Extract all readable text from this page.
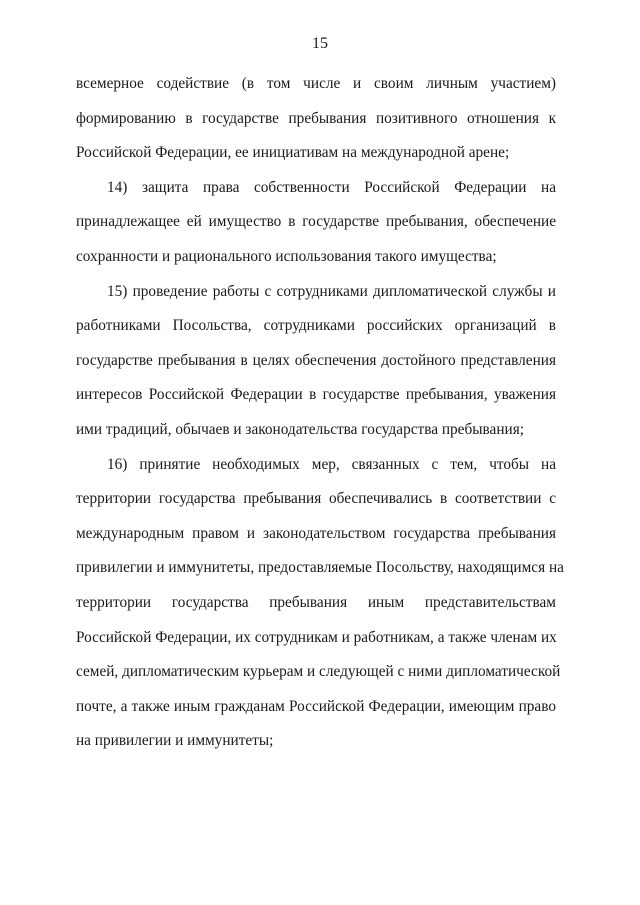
15

всемерное содействие (в том числе и своим личным участием)
формированию в государстве пребывания позитивного отношения к
Российской Федерации, ее инициативам на международной арене;

14) защита права собственности Российской Федерации на
принадлежащее ей имущество в государстве пребывания, обеспечение
сохранности и рационального использования такого имущества;

15) проведение работы с сотрудниками дипломатической службы и
работниками Посольства, сотрудниками российских организаций в
государстве пребывания в целях обеспечения достойного представления
интересов Российской Федерации в государстве пребывания, уважения
ими традиций, обычаев и законодательства государства пребывания;

16) принятие необходимых мер, связанных с тем, чтобы на
территории государства пребывания обеспечивались в соответствии с
международным правом и законодательством государства пребывания
привилегии и иммунитеты, предоставляемые Посольству, находящимся на
территории государства пребывания иным представительствам
Российской Федерации, их сотрудникам и работникам, а также членам их
семей, дипломатическим курьерам и следующей с ними дипломатической
почте, а также иным гражданам Российской Федерации, имеющим право
на привилегии и иммунитеты;
